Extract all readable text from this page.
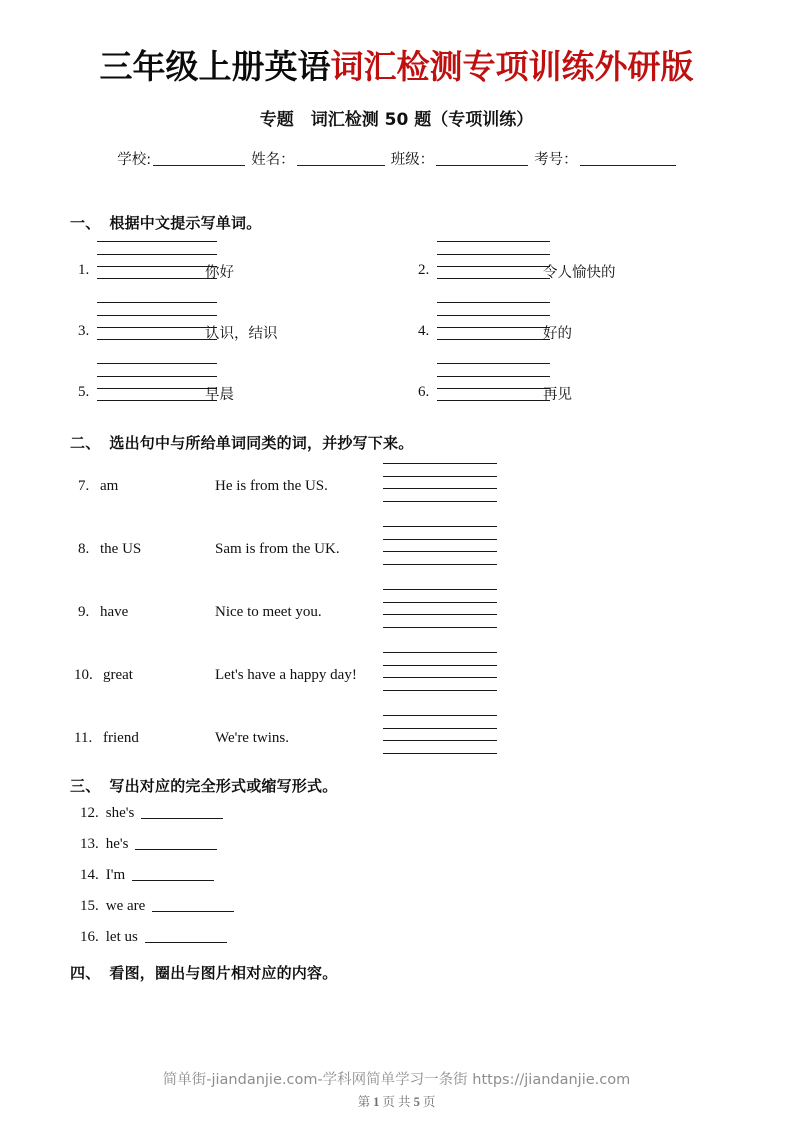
三年级上册英语词汇检测专项训练外研版
专题　词汇检测 50 题（专项训练）
学校:	姓名：	班级：	考号：
一、 根据中文提示写单词。
1.	你好	2.	令人愉快的
3.	认识，结识	4.	好的
5.	早晨	6.	再见
二、 选出句中与所给单词同类的词，并抄写下来。
7. am	He is from the US.
8. the US	Sam is from the UK.
9. have	Nice to meet you.
10. great	Let's have a happy day!
11. friend	We're twins.
三、 写出对应的完全形式或缩写形式。
12. she's
13. he's
14. I'm
15. we are
16. let us
四、 看图，圈出与图片相对应的内容。
简单街-jiandanjie.com-学科网简单学习一条街 https://jiandanjie.com
第 1 页 共 5 页
